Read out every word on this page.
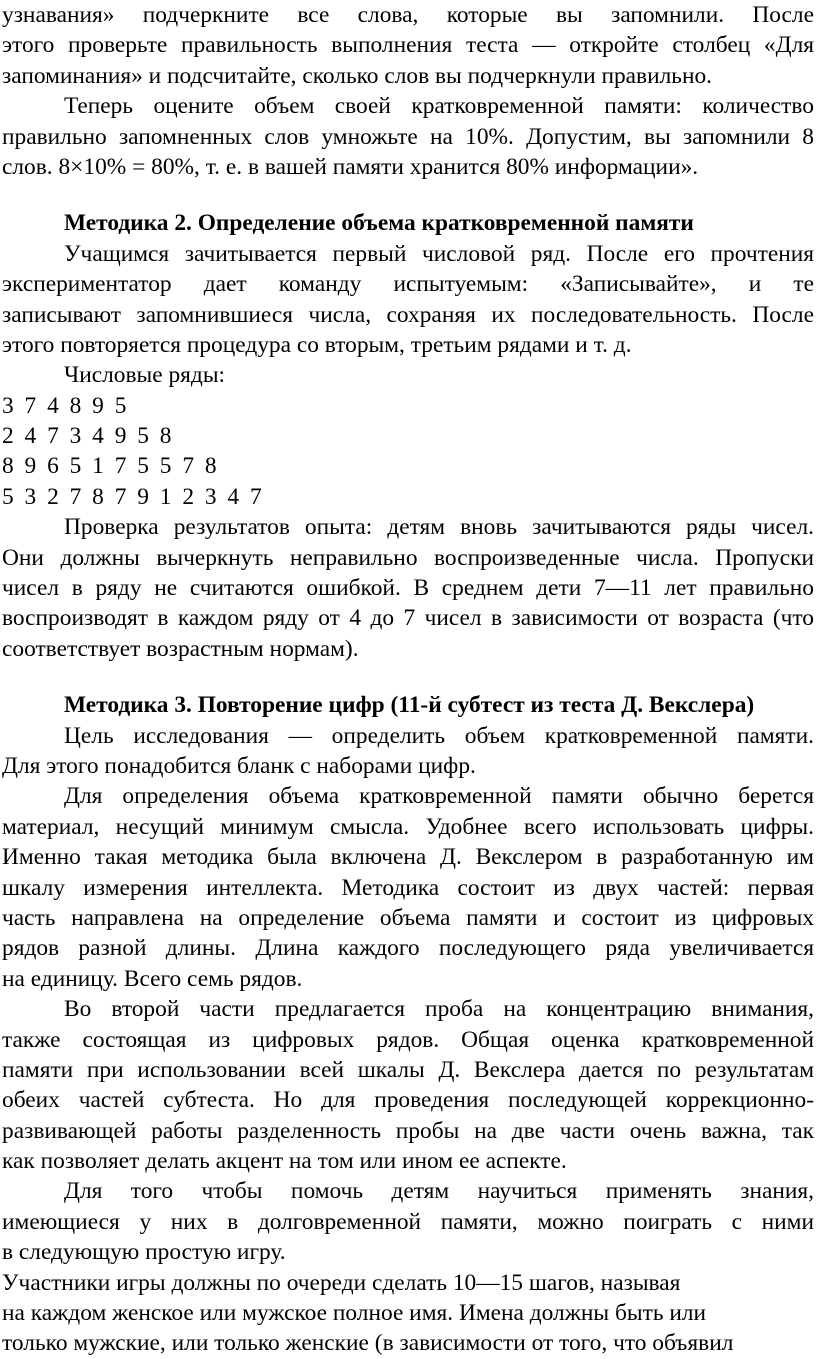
узнавания» подчеркните все слова, которые вы запомнили. После
этого проверьте правильность выполнения теста — откройте столбец «Для
запоминания» и подсчитайте, сколько слов вы подчеркнули правильно.
Теперь оцените объем своей кратковременной памяти: количество
правильно запомненных слов умножьте на 10%. Допустим, вы запомнили 8
слов. 8×10% = 80%, т. е. в вашей памяти хранится 80% информации».
Методика 2. Определение объема кратковременной памяти
Учащимся зачитывается первый числовой ряд. После его прочтения
экспериментатор дает команду испытуемым: «Записывайте», и те
записывают запомнившиеся числа, сохраняя их последовательность. После
этого повторяется процедура со вторым, третьим рядами и т. д.
Числовые ряды:
3 7 4 8 9 5
2 4 7 3 4 9 5 8
8 9 6 5 1 7 5 5 7 8
5 3 2 7 8 7 9 1 2 3 4 7
Проверка результатов опыта: детям вновь зачитываются ряды чисел.
Они должны вычеркнуть неправильно воспроизведенные числа. Пропуски
чисел в ряду не считаются ошибкой. В среднем дети 7—11 лет правильно
воспроизводят в каждом ряду от 4 до 7 чисел в зависимости от возраста (что
соответствует возрастным нормам).
Методика 3. Повторение цифр (11-й субтест из теста Д. Векслера)
Цель исследования — определить объем кратковременной памяти.
Для этого понадобится бланк с наборами цифр.
Для определения объема кратковременной памяти обычно берется
материал, несущий минимум смысла. Удобнее всего использовать цифры.
Именно такая методика была включена Д. Векслером в разработанную им
шкалу измерения интеллекта. Методика состоит из двух частей: первая
часть направлена на определение объема памяти и состоит из цифровых
рядов разной длины. Длина каждого последующего ряда увеличивается
на единицу. Всего семь рядов.
Во второй части предлагается проба на концентрацию внимания,
также состоящая из цифровых рядов. Общая оценка кратковременной
памяти при использовании всей шкалы Д. Векслера дается по результатам
обеих частей субтеста. Но для проведения последующей коррекционно-
развивающей работы разделенность пробы на две части очень важна, так
как позволяет делать акцент на том или ином ее аспекте.
Для того чтобы помочь детям научиться применять знания,
имеющиеся у них в долговременной памяти, можно поиграть с ними
в следующую простую игру.
Участники игры должны по очереди сделать 10—15 шагов, называя
на каждом женское или мужское полное имя. Имена должны быть или
только мужские, или только женские (в зависимости от того, что объявил
